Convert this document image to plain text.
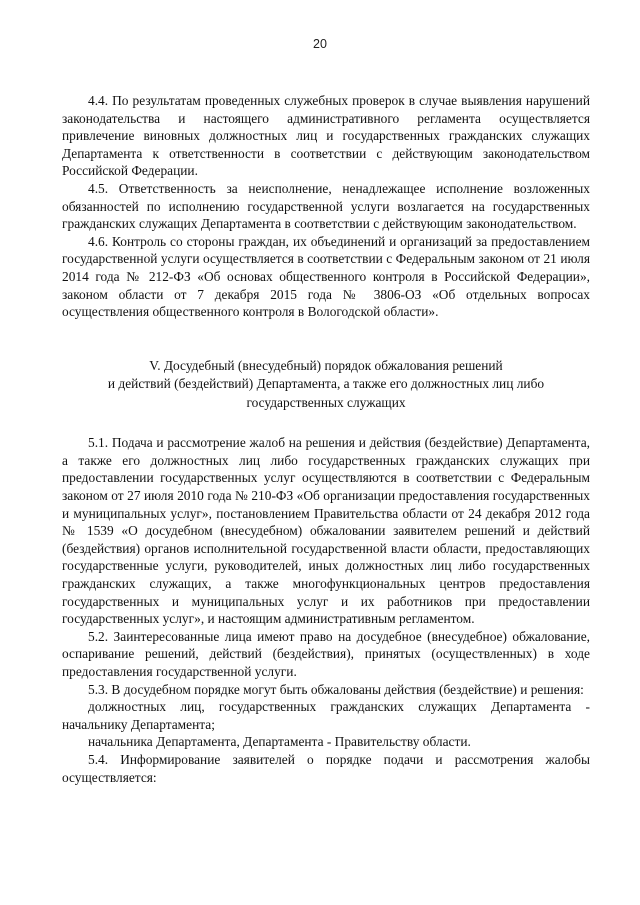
20

4.4. По результатам проведенных служебных проверок в случае выявления нарушений законодательства и настоящего административного регламента осуществляется привлечение виновных должностных лиц и государственных гражданских служащих Департамента к ответственности в соответствии с действующим законодательством Российской Федерации.

4.5. Ответственность за неисполнение, ненадлежащее исполнение возложенных обязанностей по исполнению государственной услуги возлагается на государственных гражданских служащих Департамента в соответствии с действующим законодательством.

4.6. Контроль со стороны граждан, их объединений и организаций за предоставлением государственной услуги осуществляется в соответствии с Федеральным законом от 21 июля 2014 года № 212-ФЗ «Об основах общественного контроля в Российской Федерации», законом области от 7 декабря 2015 года № 3806-ОЗ «Об отдельных вопросах осуществления общественного контроля в Вологодской области».

V. Досудебный (внесудебный) порядок обжалования решений
и действий (бездействий) Департамента, а также его должностных лиц либо
государственных служащих

5.1. Подача и рассмотрение жалоб на решения и действия (бездействие) Департамента, а также его должностных лиц либо государственных гражданских служащих при предоставлении государственных услуг осуществляются в соответствии с Федеральным законом от 27 июля 2010 года № 210-ФЗ «Об организации предоставления государственных и муниципальных услуг», постановлением Правительства области от 24 декабря 2012 года № 1539 «О досудебном (внесудебном) обжаловании заявителем решений и действий (бездействия) органов исполнительной государственной власти области, предоставляющих государственные услуги, руководителей, иных должностных лиц либо государственных гражданских служащих, а также многофункциональных центров предоставления государственных и муниципальных услуг и их работников при предоставлении государственных услуг», и настоящим административным регламентом.

5.2. Заинтересованные лица имеют право на досудебное (внесудебное) обжалование, оспаривание решений, действий (бездействия), принятых (осуществленных) в ходе предоставления государственной услуги.

5.3. В досудебном порядке могут быть обжалованы действия (бездействие) и решения:

должностных лиц, государственных гражданских служащих Департамента - начальнику Департамента;

начальника Департамента, Департамента - Правительству области.

5.4. Информирование заявителей о порядке подачи и рассмотрения жалобы осуществляется:
